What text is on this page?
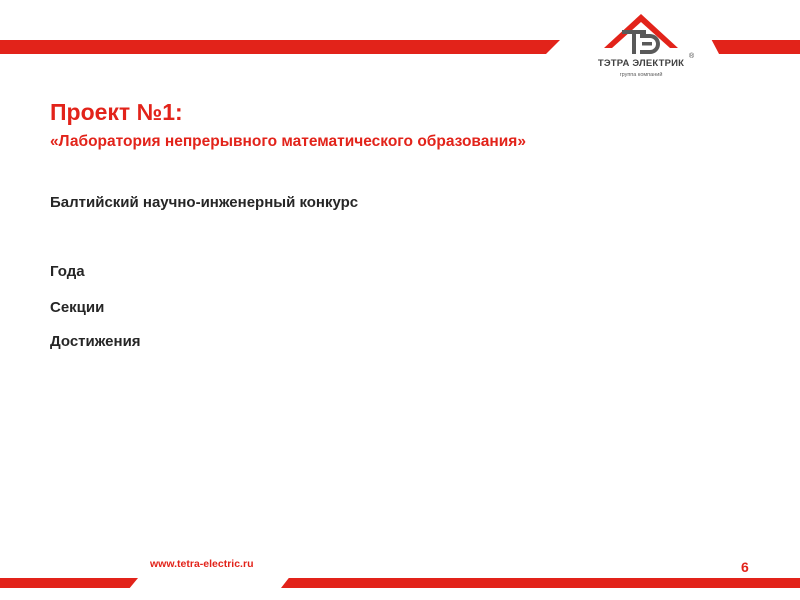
ТЭТРА ЭЛЕКТРИК
®
группа компаний
Проект №1:
«Лаборатория непрерывного математического образования»
Балтийский научно-инженерный конкурс
Года
Секции
Достижения
www.tetra-electric.ru	6
